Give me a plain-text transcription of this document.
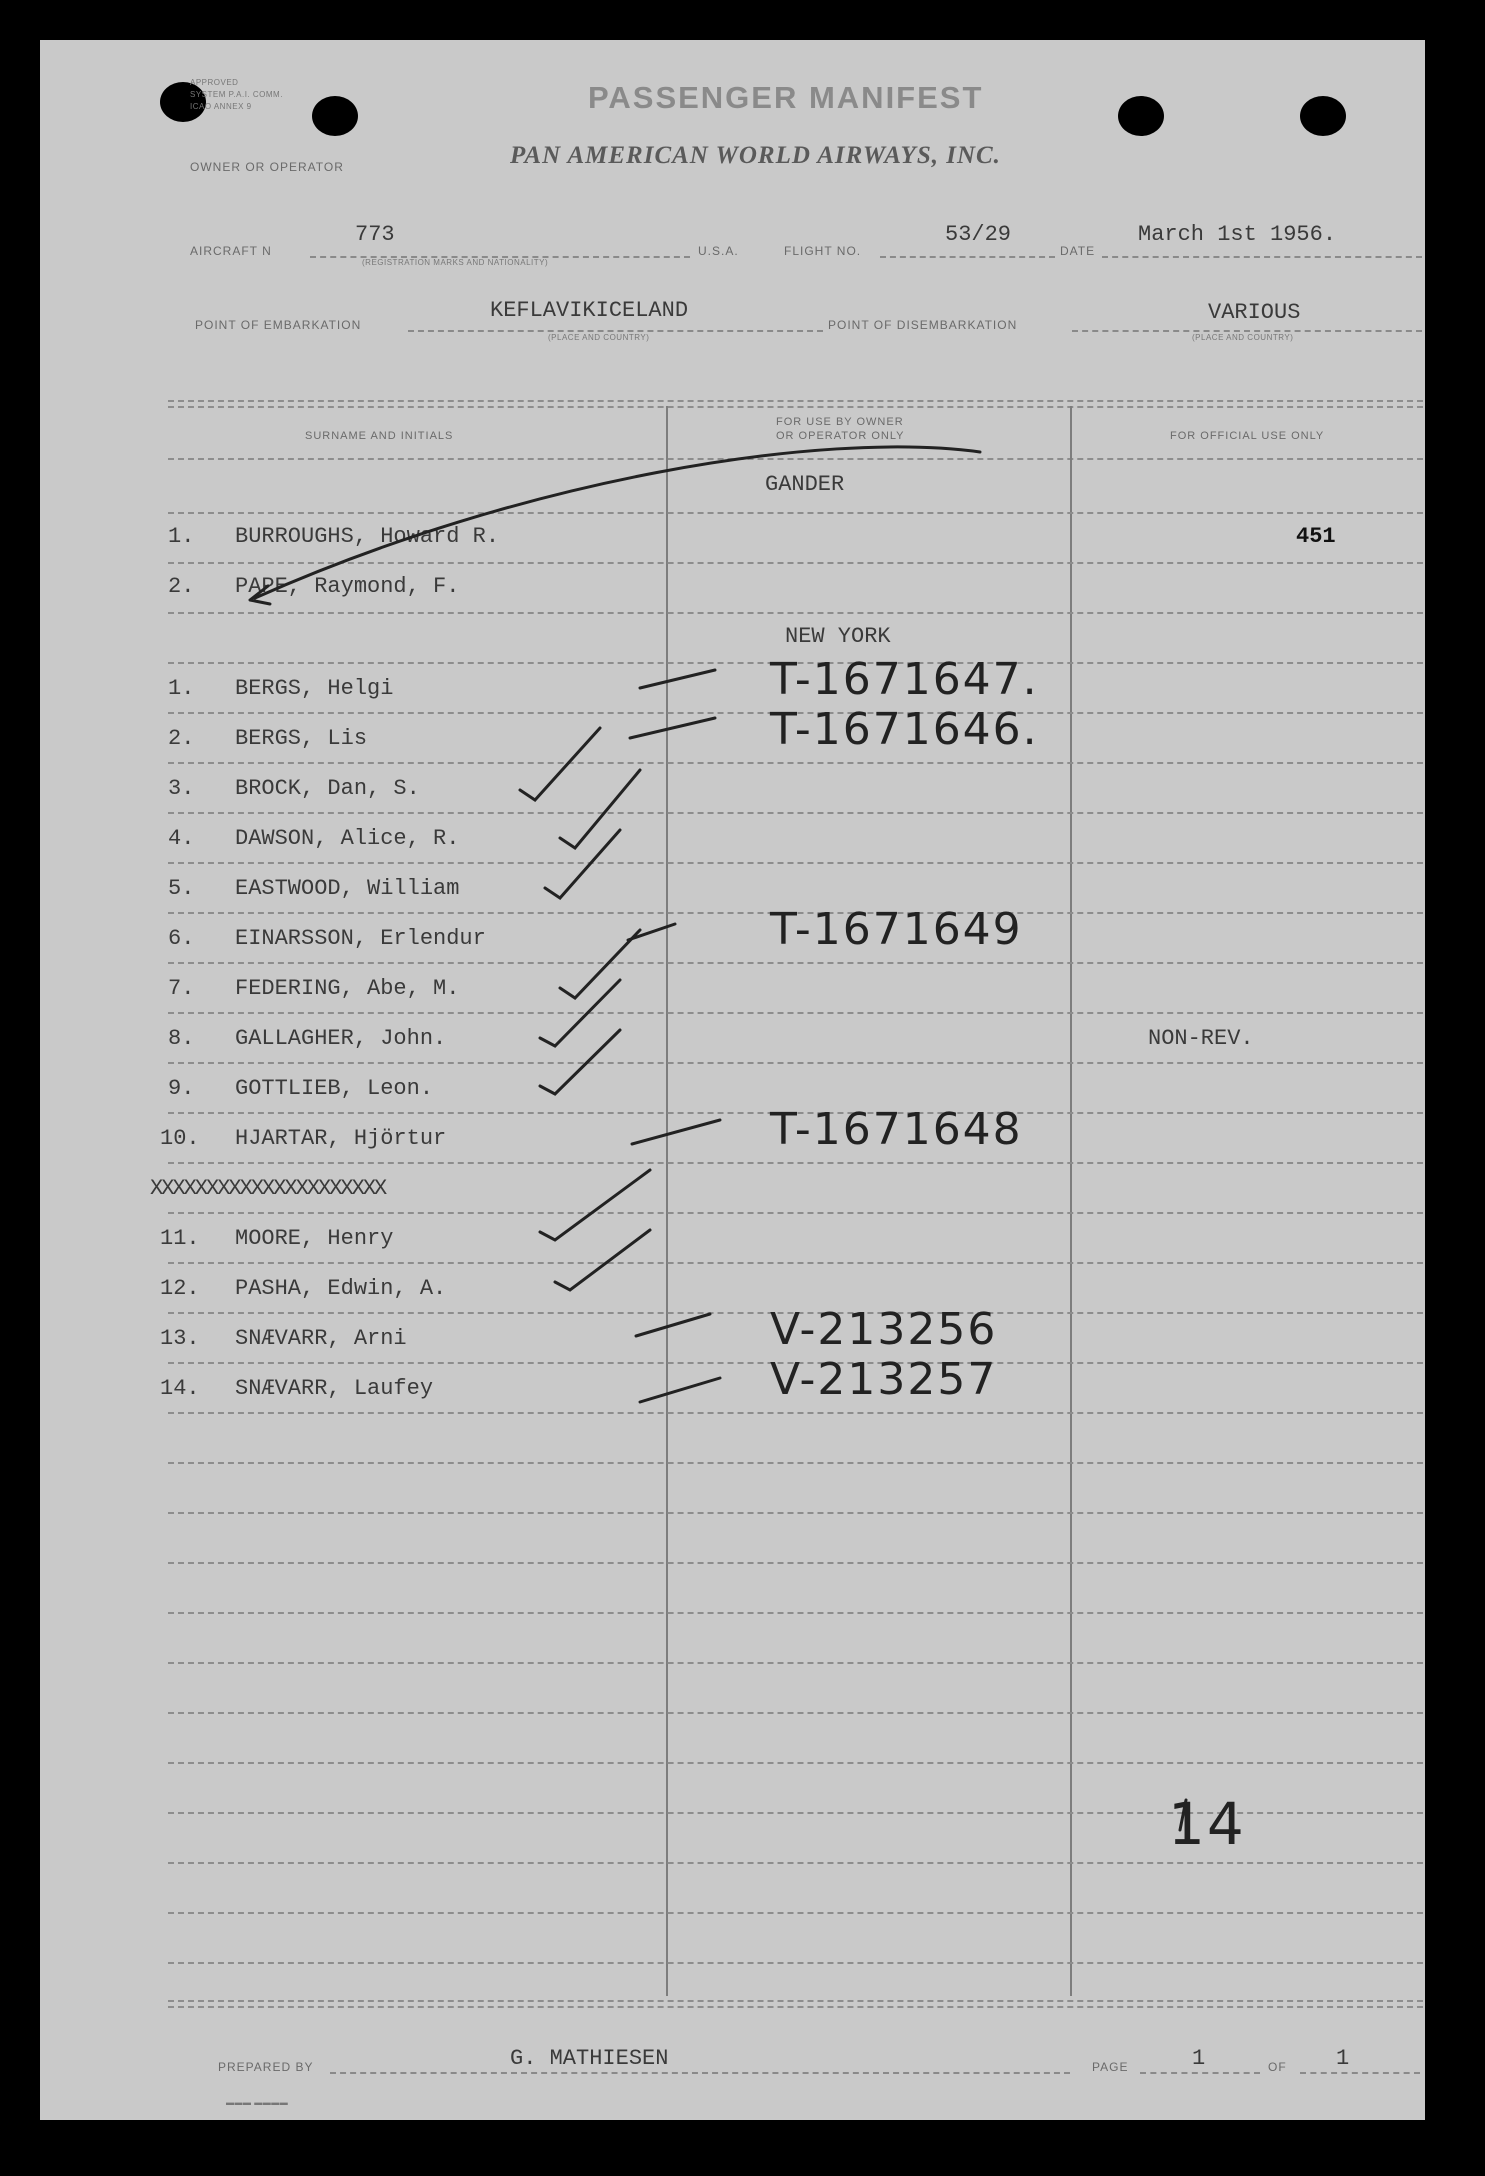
APPROVED
SYSTEM P.A.I. COMM.
ICAO ANNEX 9	PASSENGER MANIFEST
PAN AMERICAN WORLD AIRWAYS, INC.
OWNER OR OPERATOR
AIRCRAFT N
773
(REGISTRATION MARKS AND NATIONALITY)
U.S.A.	FLIGHT NO.
53/29
DATE
March 1st 1956.
POINT OF EMBARKATION
KEFLAVIKICELAND
(PLACE AND COUNTRY)
POINT OF DISEMBARKATION	VARIOUS
(PLACE AND COUNTRY)
SURNAME AND INITIALS
FOR USE BY OWNER
OR OPERATOR ONLY	FOR OFFICIAL USE ONLY
GANDER
NEW YORK
1. BURROUGHS, Howard R.	451
2. PAPE, Raymond, F.
1. BERGS, Helgi	T-1671647.
2. BERGS, Lis	T-1671646.
3. BROCK, Dan, S.
4. DAWSON, Alice, R.
5. EASTWOOD, William
6. EINARSSON, Erlendur	T-1671649
7. FEDERING, Abe, M.
8. GALLAGHER, John.	NON-REV.
9. GOTTLIEB, Leon.
10. HJARTAR, Hjörtur	T-1671648
XXXXXXXXXXXXXXXXXXXXX
11. MOORE, Henry
12. PASHA, Edwin, A.
13. SNÆVARR, Arni	V-213256
14. SNÆVARR, Laufey	V-213257
14
PREPARED BY	G. MATHIESEN	PAGE	1	OF 1
▬▬▬ ▬▬▬▬
